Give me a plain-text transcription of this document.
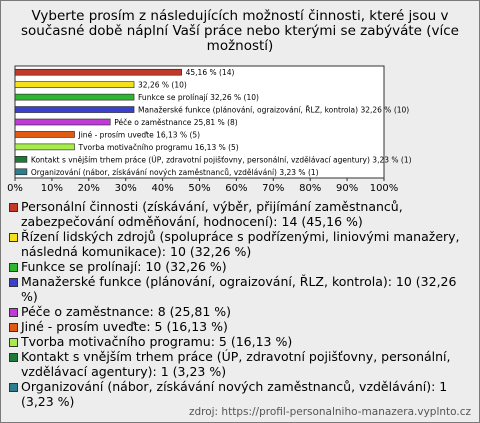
Vyberte prosím z následujících možností činnosti, které jsou v současné době náplní Vaší práce nebo kterými se zabýváte (více možností)
45,16 % (14)
32,26 % (10)
Funkce se prolínají 32,26 % (10)
Manažerské funkce (plánování, ograizování, ŘLZ, kontrola) 32,26 % (10)
Péče o zaměstnance 25,81 % (8)
Jiné - prosím uveďte 16,13 % (5)
Tvorba motivačního programu 16,13 % (5)
Kontakt s vnějším trhem práce (ÚP, zdravotní pojišťovny, personální, vzdělávací agentury) 3,23 % (1)
Organizování (nábor, získávání nových zaměstnanců, vzdělávání) 3,23 % (1)
0% 10% 20% 30% 40% 50% 60% 70% 80% 90% 100%
Personální činnosti (získávání, výběr, přijímání zaměstnanců, zabezpečování odměňování, hodnocení): 14 (45,16 %)
Řízení lidských zdrojů (spolupráce s podřízenými, liniovými manažery, následná komunikace): 10 (32,26 %)
Funkce se prolínají: 10 (32,26 %)
Manažerské funkce (plánování, ograizování, ŘLZ, kontrola): 10 (32,26 %)
Péče o zaměstnance: 8 (25,81 %)
Jiné - prosím uveďte: 5 (16,13 %)
Tvorba motivačního programu: 5 (16,13 %)
Kontakt s vnějším trhem práce (ÚP, zdravotní pojišťovny, personální, vzdělávací agentury): 1 (3,23 %)
Organizování (nábor, získávání nových zaměstnanců, vzdělávání): 1 (3,23 %)
zdroj: https://profil-personalniho-manazera.vyplnto.cz
